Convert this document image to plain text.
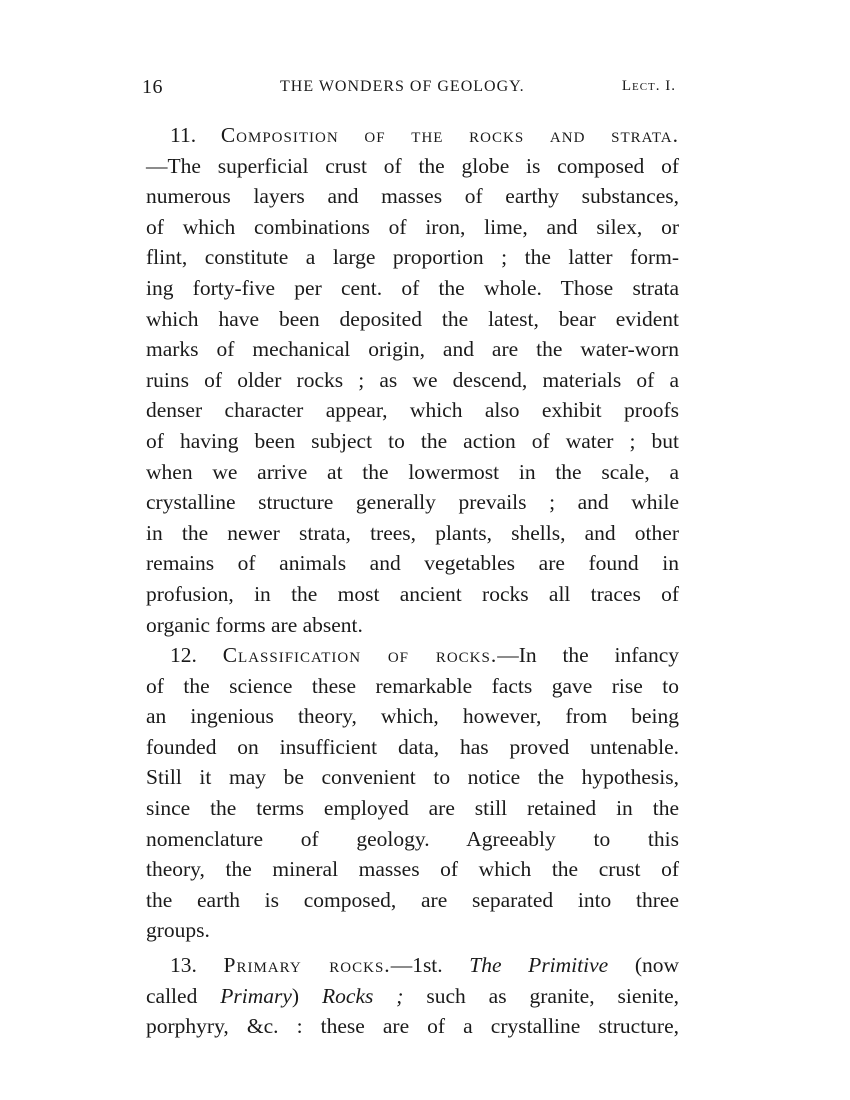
16	THE WONDERS OF GEOLOGY.	Lect. I.
11. Composition of the rocks and strata.
—The superficial crust of the globe is composed of
numerous layers and masses of earthy substances,
of which combinations of iron, lime, and silex, or
flint, constitute a large proportion ; the latter form-
ing forty-five per cent. of the whole. Those strata
which have been deposited the latest, bear evident
marks of mechanical origin, and are the water-worn
ruins of older rocks ; as we descend, materials of a
denser character appear, which also exhibit proofs
of having been subject to the action of water ; but
when we arrive at the lowermost in the scale, a
crystalline structure generally prevails ; and while
in the newer strata, trees, plants, shells, and other
remains of animals and vegetables are found in
profusion, in the most ancient rocks all traces of
organic forms are absent.
12. Classification of rocks.—In the infancy
of the science these remarkable facts gave rise to
an ingenious theory, which, however, from being
founded on insufficient data, has proved untenable.
Still it may be convenient to notice the hypothesis,
since the terms employed are still retained in the
nomenclature of geology. Agreeably to this
theory, the mineral masses of which the crust of
the earth is composed, are separated into three
groups.
13. Primary rocks.—1st. The Primitive (now
called Primary) Rocks ; such as granite, sienite,
porphyry, &c. : these are of a crystalline structure,
